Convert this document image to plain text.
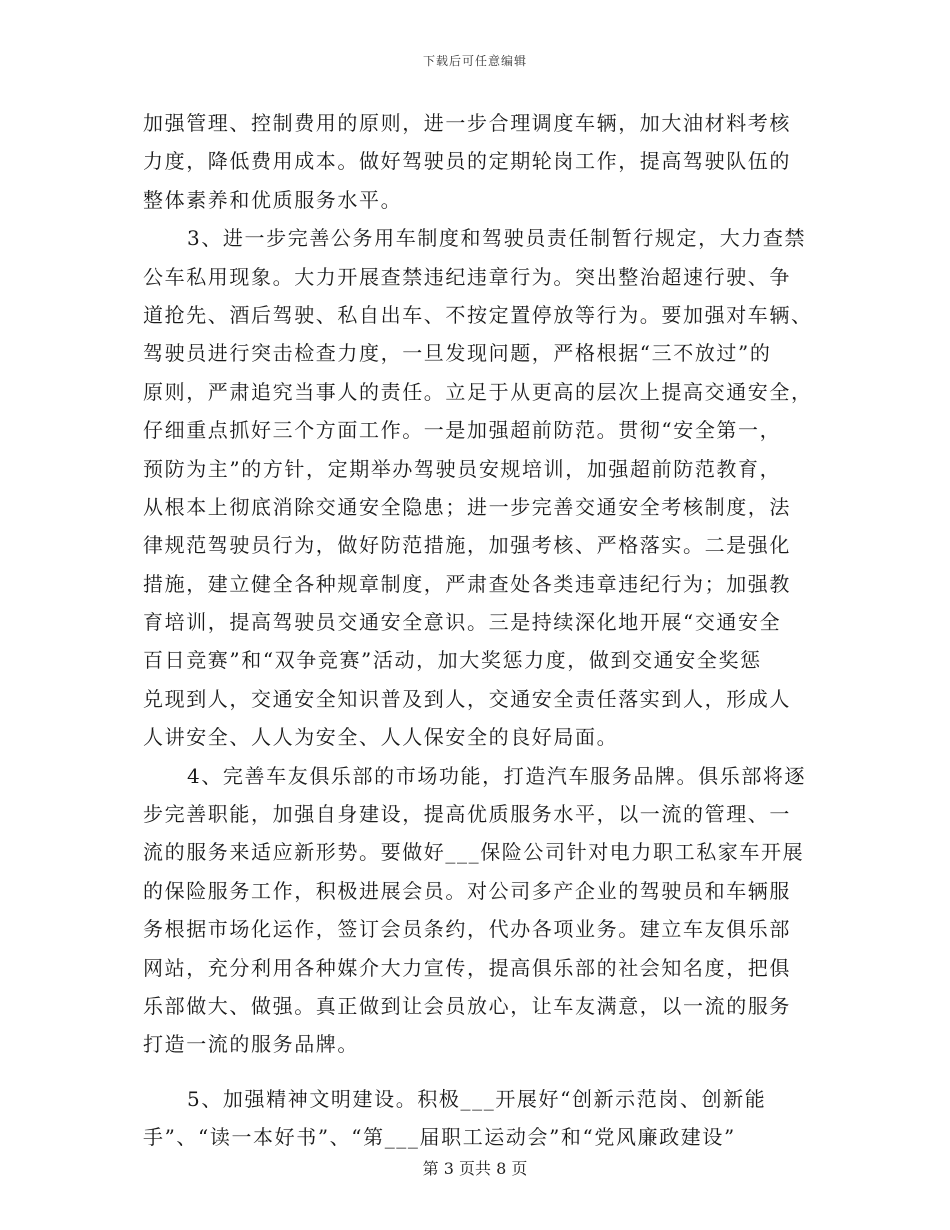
下载后可任意编辑
加强管理、控制费用的原则，进一步合理调度车辆，加大油材料考核
力度，降低费用成本。做好驾驶员的定期轮岗工作，提高驾驶队伍的
整体素养和优质服务水平。
3、进一步完善公务用车制度和驾驶员责任制暂行规定，大力查禁
公车私用现象。大力开展查禁违纪违章行为。突出整治超速行驶、争
道抢先、酒后驾驶、私自出车、不按定置停放等行为。要加强对车辆、
驾驶员进行突击检查力度，一旦发现问题，严格根据“三不放过”的
原则，严肃追究当事人的责任。立足于从更高的层次上提高交通安全，
仔细重点抓好三个方面工作。一是加强超前防范。贯彻“安全第一，
预防为主”的方针，定期举办驾驶员安规培训，加强超前防范教育，
从根本上彻底消除交通安全隐患；进一步完善交通安全考核制度，法
律规范驾驶员行为，做好防范措施，加强考核、严格落实。二是强化
措施，建立健全各种规章制度，严肃查处各类违章违纪行为；加强教
育培训，提高驾驶员交通安全意识。三是持续深化地开展“交通安全
百日竞赛”和“双争竞赛”活动，加大奖惩力度，做到交通安全奖惩
兑现到人，交通安全知识普及到人，交通安全责任落实到人，形成人
人讲安全、人人为安全、人人保安全的良好局面。
4、完善车友俱乐部的市场功能，打造汽车服务品牌。俱乐部将逐
步完善职能，加强自身建设，提高优质服务水平，以一流的管理、一
流的服务来适应新形势。要做好___保险公司针对电力职工私家车开展
的保险服务工作，积极进展会员。对公司多产企业的驾驶员和车辆服
务根据市场化运作，签订会员条约，代办各项业务。建立车友俱乐部
网站，充分利用各种媒介大力宣传，提高俱乐部的社会知名度，把俱
乐部做大、做强。真正做到让会员放心，让车友满意，以一流的服务
打造一流的服务品牌。
5、加强精神文明建设。积极___开展好“创新示范岗、创新能
手”、“读一本好书”、“第___届职工运动会”和“党风廉政建设”
第 3 页共 8 页
